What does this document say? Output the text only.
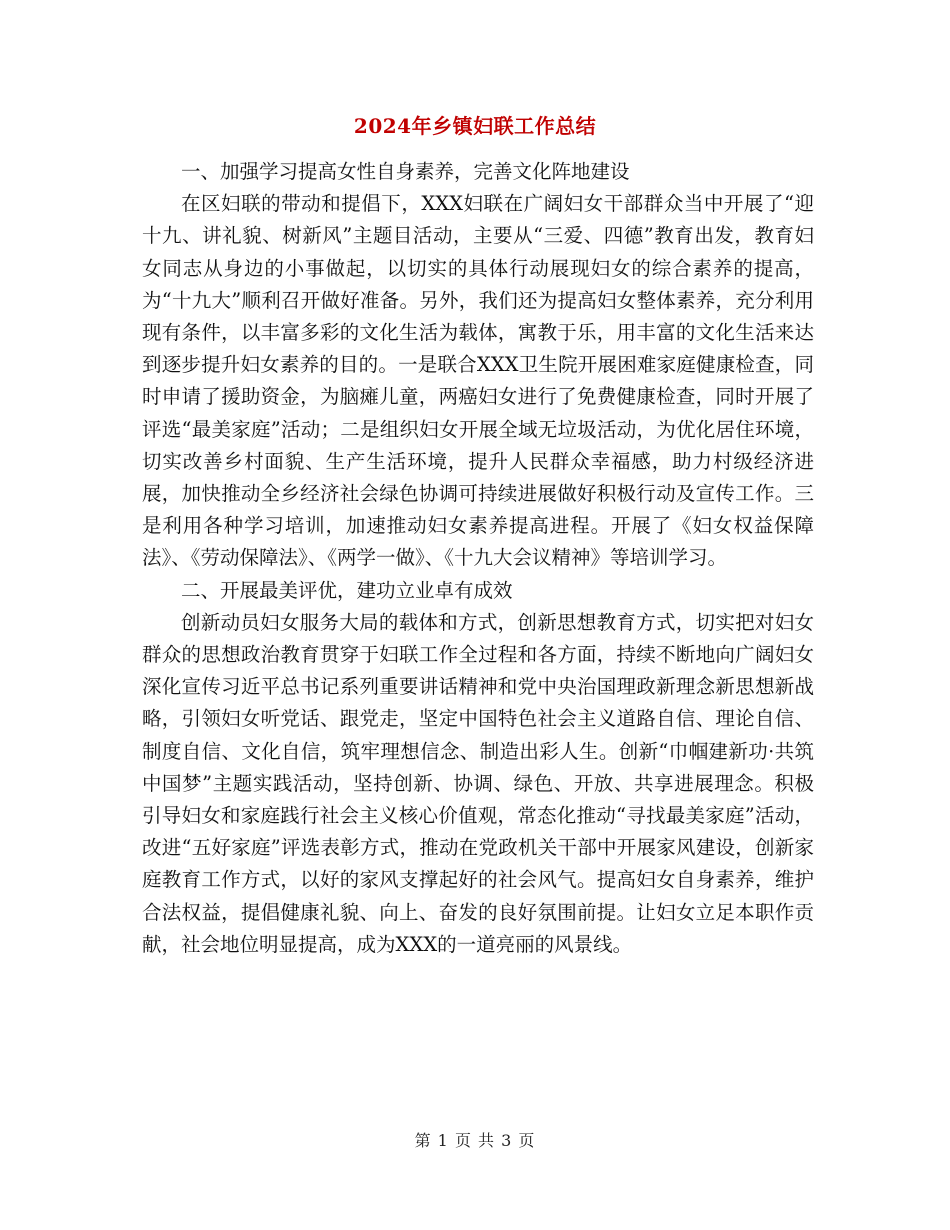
2024年乡镇妇联工作总结

一、加强学习提高女性自身素养，完善文化阵地建设

在区妇联的带动和提倡下，XXX妇联在广阔妇女干部群众当中开展了“迎十九、讲礼貌、树新风”主题目活动，主要从“三爱、四德”教育出发，教育妇女同志从身边的小事做起，以切实的具体行动展现妇女的综合素养的提高，为“十九大”顺利召开做好准备。另外，我们还为提高妇女整体素养，充分利用现有条件，以丰富多彩的文化生活为载体，寓教于乐，用丰富的文化生活来达到逐步提升妇女素养的目的。一是联合XXX卫生院开展困难家庭健康检查，同时申请了援助资金，为脑瘫儿童，两癌妇女进行了免费健康检查，同时开展了评选“最美家庭”活动；二是组织妇女开展全域无垃圾活动，为优化居住环境，切实改善乡村面貌、生产生活环境，提升人民群众幸福感，助力村级经济进展，加快推动全乡经济社会绿色协调可持续进展做好积极行动及宣传工作。三是利用各种学习培训，加速推动妇女素养提高进程。开展了《妇女权益保障法》、《劳动保障法》、《两学一做》、《十九大会议精神》等培训学习。

二、开展最美评优，建功立业卓有成效

创新动员妇女服务大局的载体和方式，创新思想教育方式，切实把对妇女群众的思想政治教育贯穿于妇联工作全过程和各方面，持续不断地向广阔妇女深化宣传习近平总书记系列重要讲话精神和党中央治国理政新理念新思想新战略，引领妇女听党话、跟党走，坚定中国特色社会主义道路自信、理论自信、制度自信、文化自信，筑牢理想信念、制造出彩人生。创新“巾帼建新功·共筑中国梦”主题实践活动，坚持创新、协调、绿色、开放、共享进展理念。积极引导妇女和家庭践行社会主义核心价值观，常态化推动“寻找最美家庭”活动，改进“五好家庭”评选表彰方式，推动在党政机关干部中开展家风建设，创新家庭教育工作方式，以好的家风支撑起好的社会风气。提高妇女自身素养，维护合法权益，提倡健康礼貌、向上、奋发的良好氛围前提。让妇女立足本职作贡献，社会地位明显提高，成为XXX的一道亮丽的风景线。

第 1 页 共 3 页
